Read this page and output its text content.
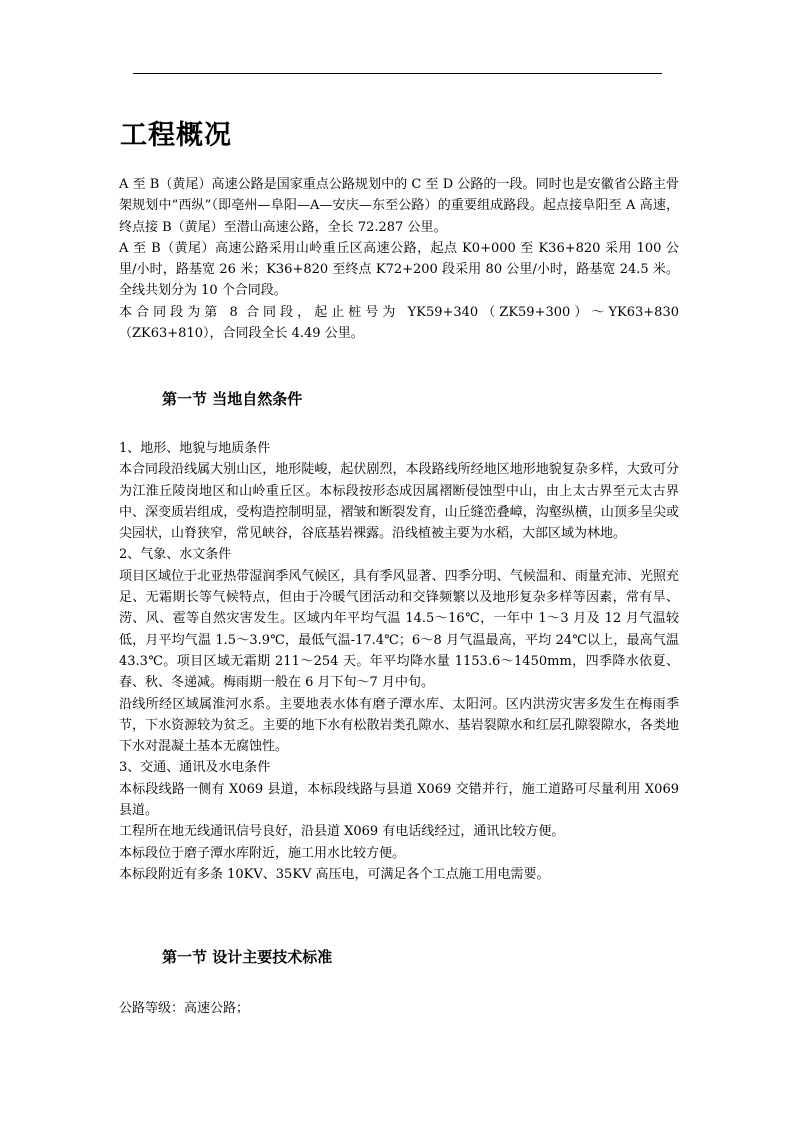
工程概况

A 至 B（黄尾）高速公路是国家重点公路规划中的 C 至 D 公路的一段。同时也是安徽省公路主骨架规划中“西纵”（即亳州—阜阳—A—安庆—东至公路）的重要组成路段。起点接阜阳至 A 高速，终点接 B（黄尾）至潜山高速公路，全长 72.287 公里。

A 至 B（黄尾）高速公路采用山岭重丘区高速公路，起点 K0+000 至 K36+820 采用 100 公里/小时，路基宽 26 米；K36+820 至终点 K72+200 段采用 80 公里/小时，路基宽 24.5 米。全线共划分为 10 个合同段。

本合同段为第 8 合同段，起止桩号为 YK59+340（ZK59+300）～YK63+830（ZK63+810），合同段全长 4.49 公里。

第一节 当地自然条件

1、地形、地貌与地质条件

本合同段沿线属大别山区，地形陡峻，起伏剧烈，本段路线所经地区地形地貌复杂多样，大致可分为江淮丘陵岗地区和山岭重丘区。本标段按形态成因属褶断侵蚀型中山，由上太古界至元太古界中、深变质岩组成，受构造控制明显，褶皱和断裂发育，山丘缝峦叠嶂，沟壑纵横，山顶多呈尖或尖园状，山脊狭窄，常见峡谷，谷底基岩裸露。沿线植被主要为水稻，大部区域为林地。

2、气象、水文条件

项目区域位于北亚热带湿润季风气候区，具有季风显著、四季分明、气候温和、雨量充沛、光照充足、无霜期长等气候特点，但由于冷暖气团活动和交锋频繁以及地形复杂多样等因素，常有旱、涝、风、雹等自然灾害发生。区域内年平均气温 14.5～16℃，一年中 1～3 月及 12 月气温较低，月平均气温 1.5～3.9℃，最低气温-17.4℃；6～8 月气温最高，平均 24℃以上，最高气温 43.3℃。项目区域无霜期 211～254 天。年平均降水量 1153.6～1450mm，四季降水依夏、春、秋、冬递减。梅雨期一般在 6 月下旬～7 月中旬。

沿线所经区域属淮河水系。主要地表水体有磨子潭水库、太阳河。区内洪涝灾害多发生在梅雨季节，下水资源较为贫乏。主要的地下水有松散岩类孔隙水、基岩裂隙水和红层孔隙裂隙水，各类地下水对混凝土基本无腐蚀性。

3、交通、通讯及水电条件

本标段线路一侧有 X069 县道，本标段线路与县道 X069 交错并行，施工道路可尽量利用 X069 县道。

工程所在地无线通讯信号良好，沿县道 X069 有电话线经过，通讯比较方便。

本标段位于磨子潭水库附近，施工用水比较方便。

本标段附近有多条 10KV、35KV 高压电，可满足各个工点施工用电需要。

第一节 设计主要技术标准

公路等级：高速公路；
